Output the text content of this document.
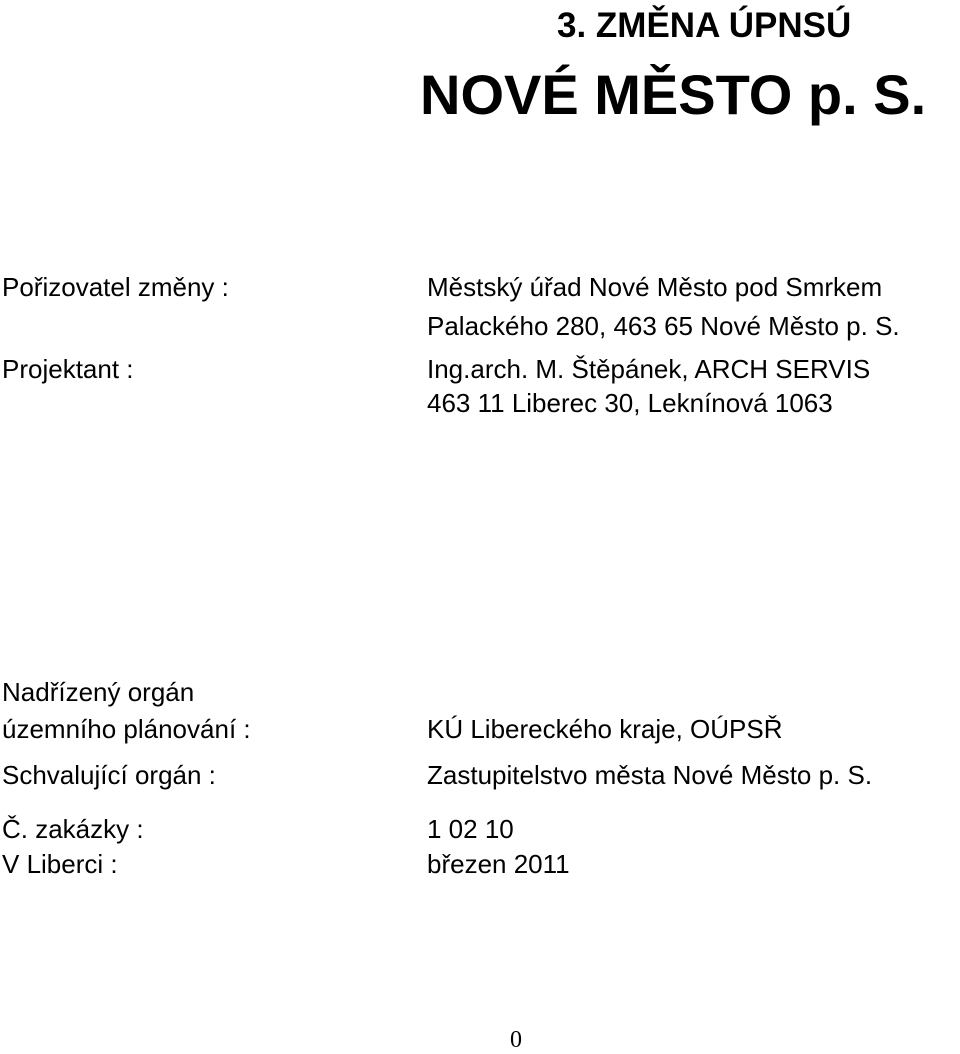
3. ZMĚNA ÚPNSÚ
NOVÉ MĚSTO p. S.
Pořizovatel změny :	Městský úřad Nové Město pod Smrkem
Palackého 280, 463 65 Nové Město p. S.
Projektant :	Ing.arch. M. Štěpánek, ARCH SERVIS
463 11 Liberec 30, Leknínová 1063
Nadřízený orgán
územního plánování :	KÚ Libereckého kraje, OÚPSŘ
Schvalující orgán :	Zastupitelstvo města Nové Město p. S.
Č. zakázky :	1 02 10
V Liberci :	březen 2011
0
